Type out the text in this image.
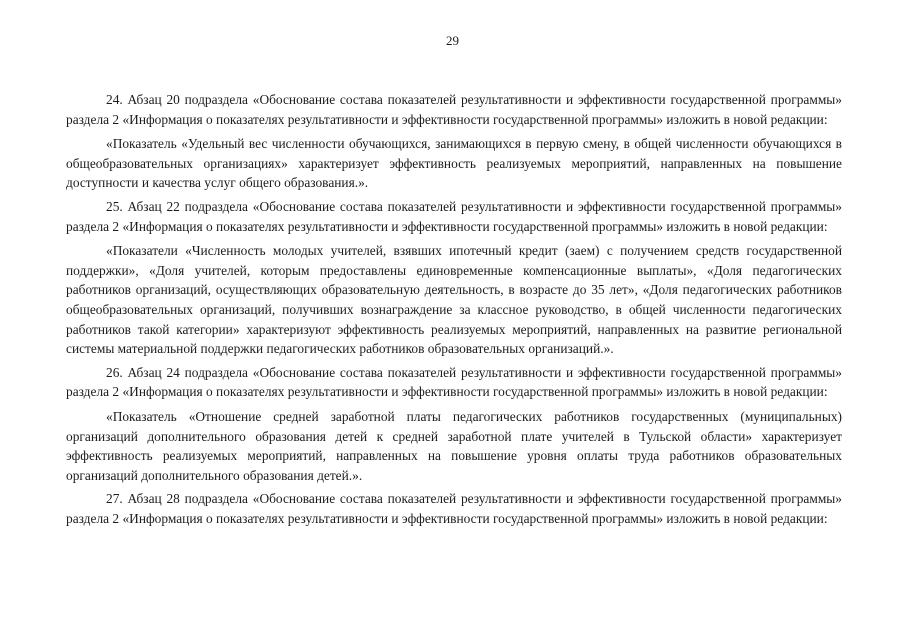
29

24. Абзац 20 подраздела «Обоснование состава показателей результативности и эффективности государственной программы» раздела 2 «Информация о показателях результативности и эффективности государственной программы» изложить в новой редакции:

«Показатель «Удельный вес численности обучающихся, занимающихся в первую смену, в общей численности обучающихся в общеобразовательных организациях» характеризует эффективность реализуемых мероприятий, направленных на повышение доступности и качества услуг общего образования.».

25. Абзац 22 подраздела «Обоснование состава показателей результативности и эффективности государственной программы» раздела 2 «Информация о показателях результативности и эффективности государственной программы» изложить в новой редакции:

«Показатели «Численность молодых учителей, взявших ипотечный кредит (заем) с получением средств государственной поддержки», «Доля учителей, которым предоставлены единовременные компенсационные выплаты», «Доля педагогических работников организаций, осуществляющих образовательную деятельность, в возрасте до 35 лет», «Доля педагогических работников общеобразовательных организаций, получивших вознаграждение за классное руководство, в общей численности педагогических работников такой категории» характеризуют эффективность реализуемых мероприятий, направленных на развитие региональной системы материальной поддержки педагогических работников образовательных организаций.».

26. Абзац 24 подраздела «Обоснование состава показателей результативности и эффективности государственной программы» раздела 2 «Информация о показателях результативности и эффективности государственной программы» изложить в новой редакции:

«Показатель «Отношение средней заработной платы педагогических работников государственных (муниципальных) организаций дополнительного образования детей к средней заработной плате учителей в Тульской области» характеризует эффективность реализуемых мероприятий, направленных на повышение уровня оплаты труда работников образовательных организаций дополнительного образования детей.».

27. Абзац 28 подраздела «Обоснование состава показателей результативности и эффективности государственной программы» раздела 2 «Информация о показателях результативности и эффективности государственной программы» изложить в новой редакции:
